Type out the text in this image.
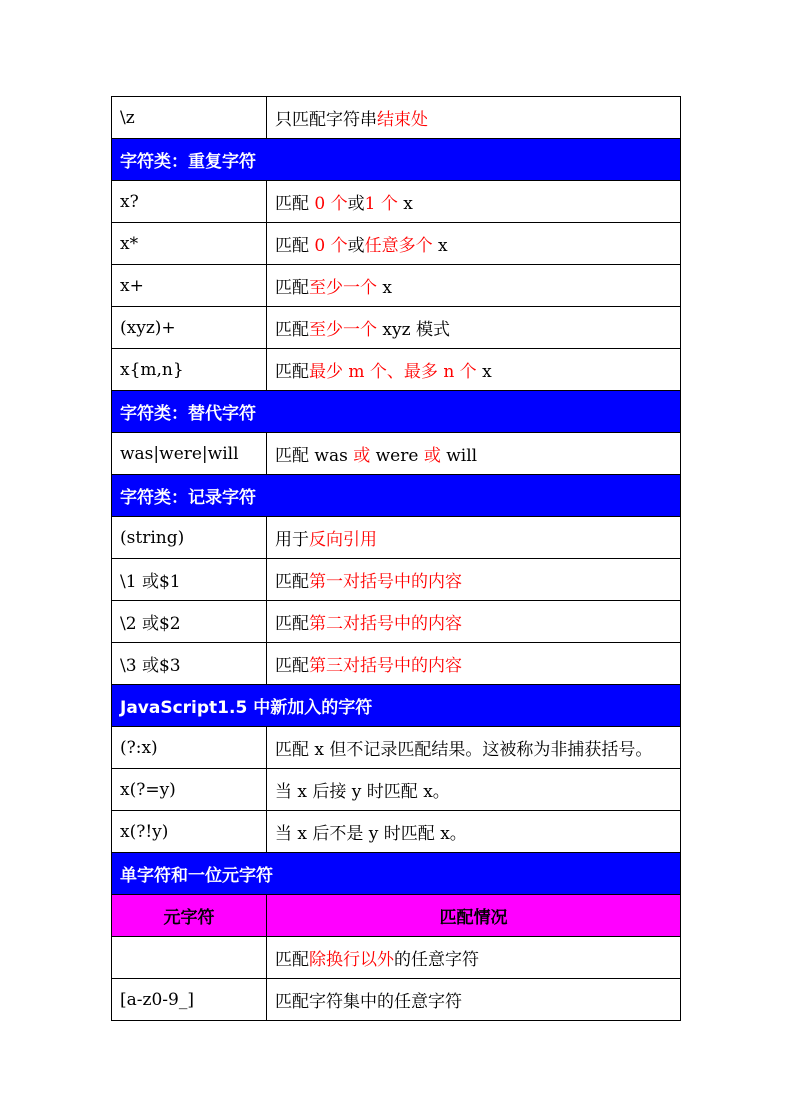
\z	只匹配字符串结束处
字符类：重复字符	
x?	匹配 0 个或1 个 x
x*	匹配 0 个或任意多个 x
x+	匹配至少一个 x
(xyz)+	匹配至少一个 xyz 模式
x{m,n}	匹配最少 m 个、最多 n 个 x
字符类：替代字符	
was|were|will	匹配 was 或 were 或 will
字符类：记录字符	
(string)	用于反向引用
\1 或$1	匹配第一对括号中的内容
\2 或$2	匹配第二对括号中的内容
\3 或$3	匹配第三对括号中的内容
JavaScript1.5 中新加入的字符	
(?:x)	匹配 x 但不记录匹配结果。这被称为非捕获括号。
x(?=y)	当 x 后接 y 时匹配 x。
x(?!y)	当 x 后不是 y 时匹配 x。
单字符和一位元字符	
元字符	匹配情况
	匹配除换行以外的任意字符
[a-z0-9_]	匹配字符集中的任意字符
